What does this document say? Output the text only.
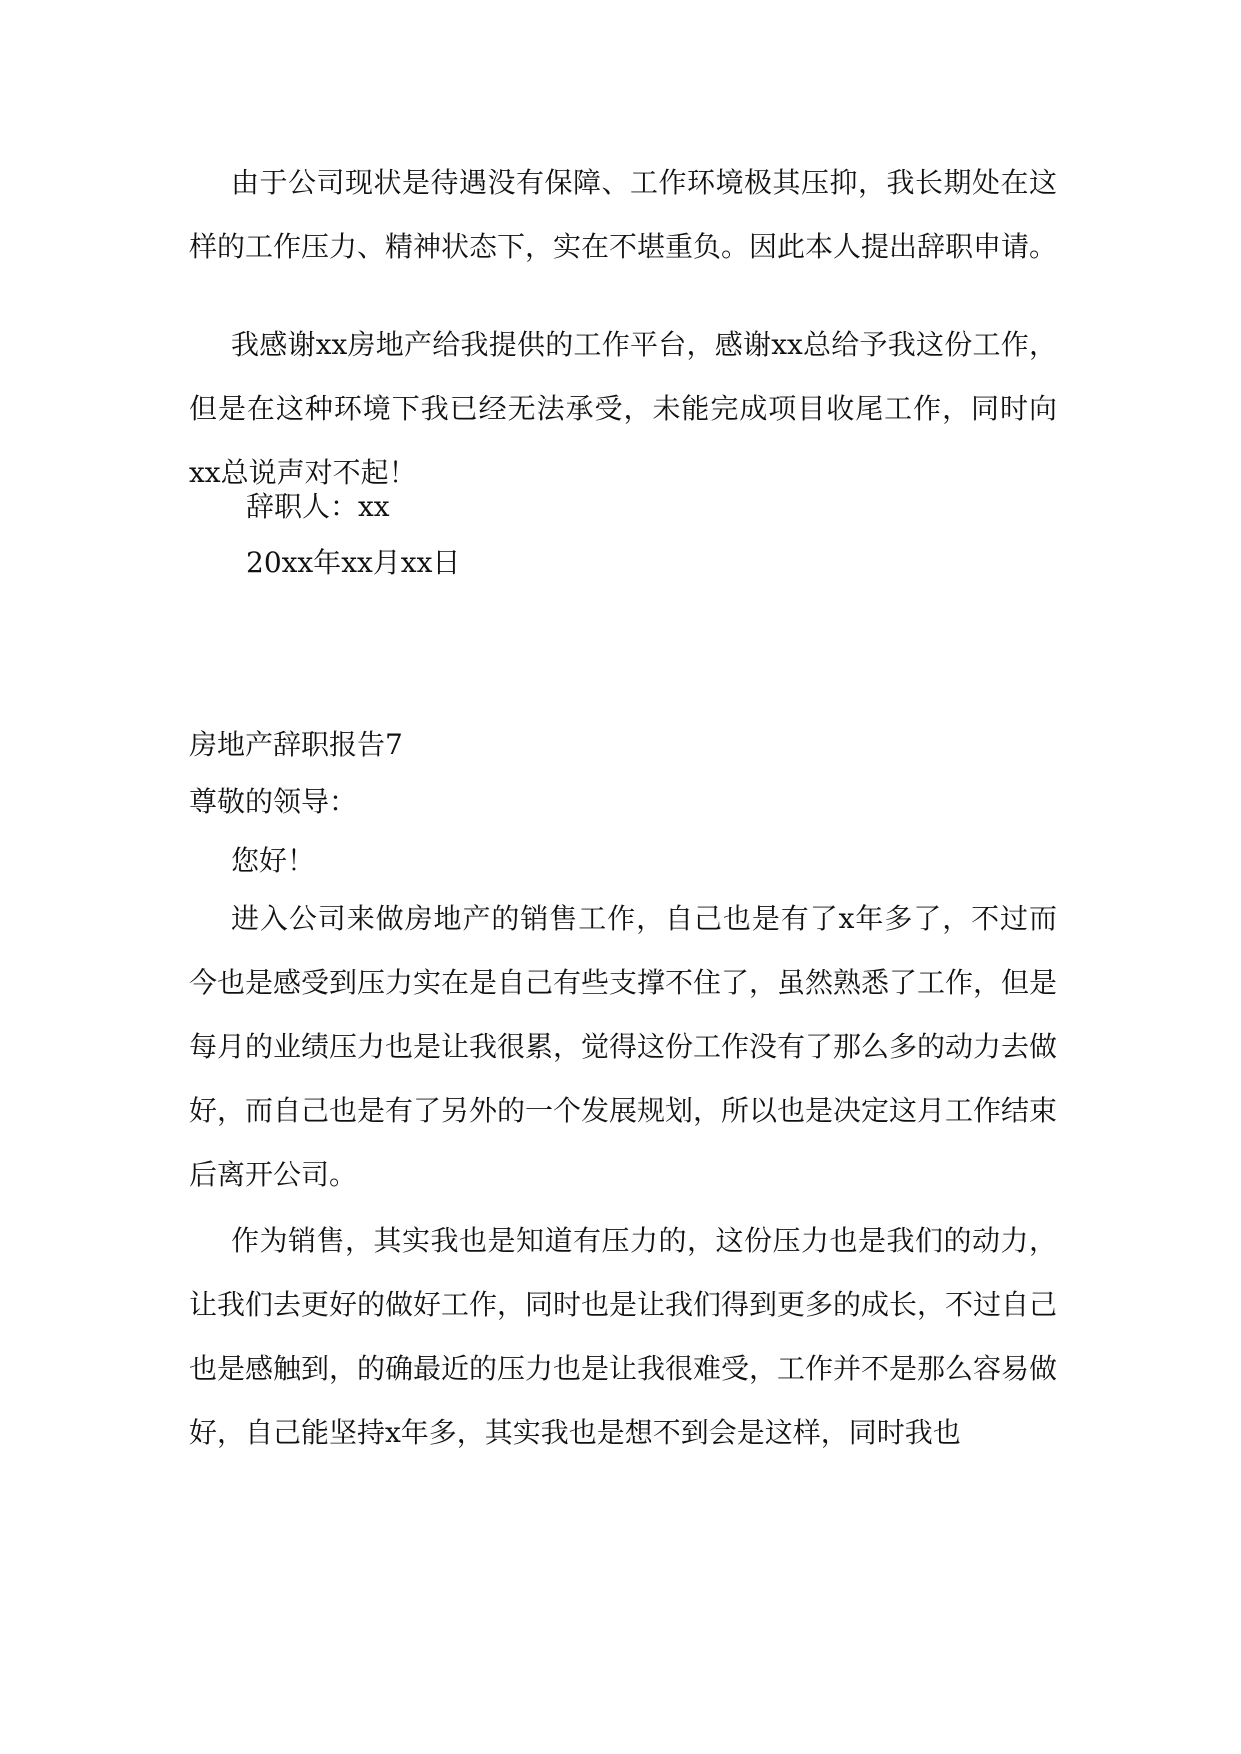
由于公司现状是待遇没有保障、工作环境极其压抑，我长期处在这样的工作压力、精神状态下，实在不堪重负。因此本人提出辞职申请。

我感谢xx房地产给我提供的工作平台，感谢xx总给予我这份工作，但是在这种环境下我已经无法承受，未能完成项目收尾工作，同时向xx总说声对不起！

辞职人：xx

20xx年xx月xx日

房地产辞职报告7

尊敬的领导：

您好！

进入公司来做房地产的销售工作，自己也是有了x年多了，不过而今也是感受到压力实在是自己有些支撑不住了，虽然熟悉了工作，但是每月的业绩压力也是让我很累，觉得这份工作没有了那么多的动力去做好，而自己也是有了另外的一个发展规划，所以也是决定这月工作结束后离开公司。

作为销售，其实我也是知道有压力的，这份压力也是我们的动力，让我们去更好的做好工作，同时也是让我们得到更多的成长，不过自己也是感触到，的确最近的压力也是让我很难受，工作并不是那么容易做好，自己能坚持x年多，其实我也是想不到会是这样，同时我也
